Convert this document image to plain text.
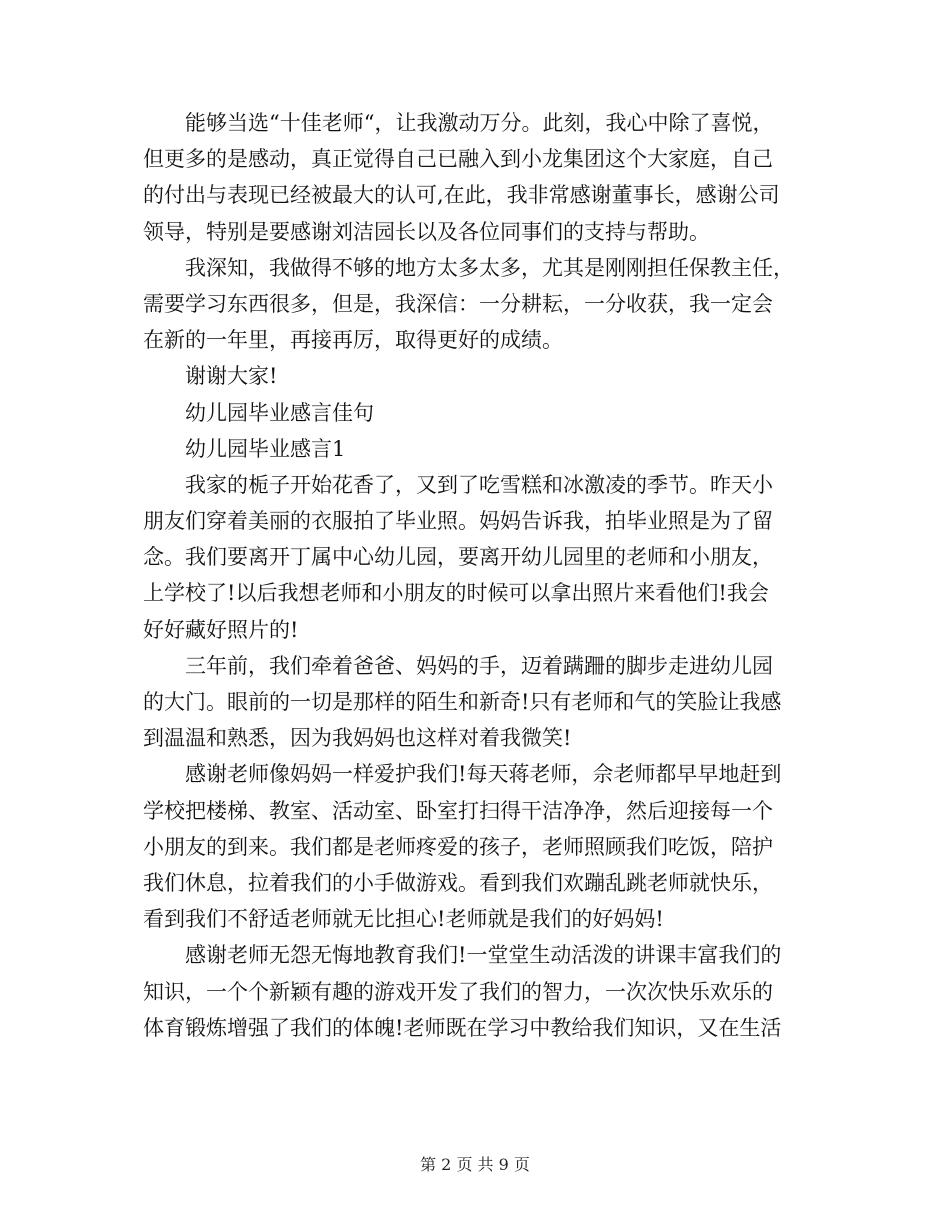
　　能够当选“十佳老师“，让我激动万分。此刻，我心中除了喜悦，
但更多的是感动，真正觉得自己已融入到小龙集团这个大家庭，自己
的付出与表现已经被最大的认可,在此，我非常感谢董事长，感谢公司
领导，特别是要感谢刘洁园长以及各位同事们的支持与帮助。
　　我深知，我做得不够的地方太多太多，尤其是刚刚担任保教主任，
需要学习东西很多，但是，我深信：一分耕耘，一分收获，我一定会
在新的一年里，再接再厉，取得更好的成绩。
　　谢谢大家!
　　幼儿园毕业感言佳句
　　幼儿园毕业感言1
　　我家的栀子开始花香了，又到了吃雪糕和冰激凌的季节。昨天小
朋友们穿着美丽的衣服拍了毕业照。妈妈告诉我，拍毕业照是为了留
念。我们要离开丁属中心幼儿园，要离开幼儿园里的老师和小朋友，
上学校了!以后我想老师和小朋友的时候可以拿出照片来看他们!我会
好好藏好照片的!
　　三年前，我们牵着爸爸、妈妈的手，迈着蹒跚的脚步走进幼儿园
的大门。眼前的一切是那样的陌生和新奇!只有老师和气的笑脸让我感
到温温和熟悉，因为我妈妈也这样对着我微笑!
　　感谢老师像妈妈一样爱护我们!每天蒋老师，佘老师都早早地赶到
学校把楼梯、教室、活动室、卧室打扫得干洁净净，然后迎接每一个
小朋友的到来。我们都是老师疼爱的孩子，老师照顾我们吃饭，陪护
我们休息，拉着我们的小手做游戏。看到我们欢蹦乱跳老师就快乐，
看到我们不舒适老师就无比担心!老师就是我们的好妈妈!
　　感谢老师无怨无悔地教育我们!一堂堂生动活泼的讲课丰富我们的
知识，一个个新颖有趣的游戏开发了我们的智力，一次次快乐欢乐的
体育锻炼增强了我们的体魄!老师既在学习中教给我们知识，又在生活
第 2 页 共 9 页
